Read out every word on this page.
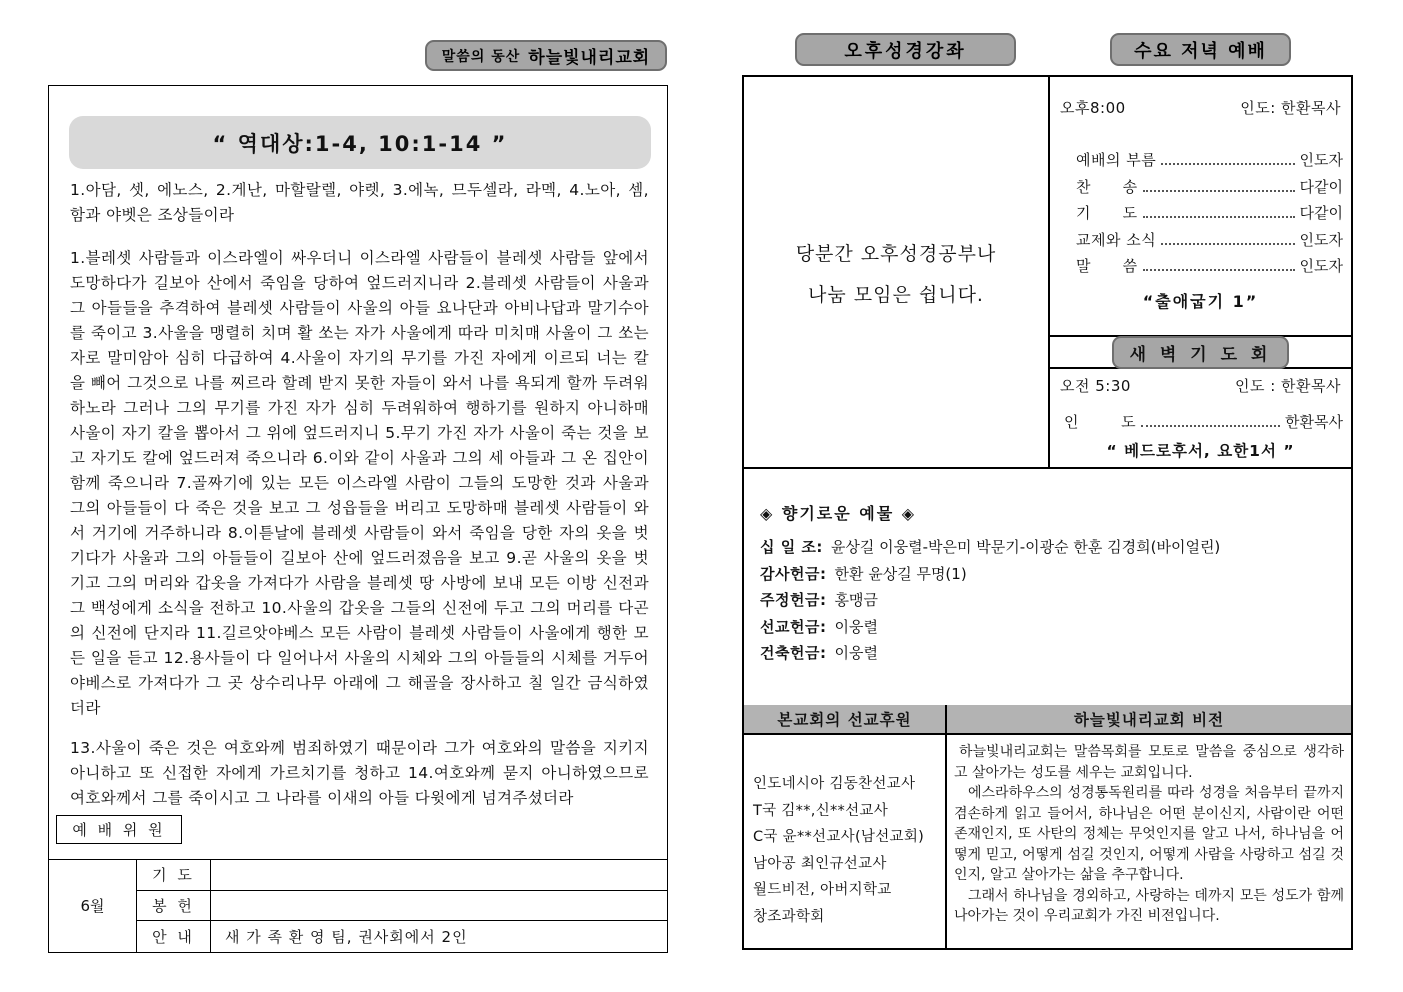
말씀의 동산 하늘빛내리교회	오후성경강좌	수요 저녁 예배
“ 역대상:1-4, 10:1-14 ”
1.아담, 셋, 에노스, 2.게난, 마할랄렐, 야렛, 3.에녹, 므두셀라, 라멕, 4.노아, 셈, 함과 야벳은 조상들이라
1.블레셋 사람들과 이스라엘이 싸우더니 이스라엘 사람들이 블레셋 사람들 앞에서 도망하다가 길보아 산에서 죽임을 당하여 엎드러지니라 2.블레셋 사람들이 사울과 그 아들들을 추격하여 블레셋 사람들이 사울의 아들 요나단과 아비나답과 말기수아를 죽이고 3.사울을 맹렬히 치며 활 쏘는 자가 사울에게 따라 미치매 사울이 그 쏘는 자로 말미암아 심히 다급하여 4.사울이 자기의 무기를 가진 자에게 이르되 너는 칼을 빼어 그것으로 나를 찌르라 할례 받지 못한 자들이 와서 나를 욕되게 할까 두려워하노라 그러나 그의 무기를 가진 자가 심히 두려워하여 행하기를 원하지 아니하매 사울이 자기 칼을 뽑아서 그 위에 엎드러지니 5.무기 가진 자가 사울이 죽는 것을 보고 자기도 칼에 엎드러져 죽으니라 6.이와 같이 사울과 그의 세 아들과 그 온 집안이 함께 죽으니라 7.골짜기에 있는 모든 이스라엘 사람이 그들의 도망한 것과 사울과 그의 아들들이 다 죽은 것을 보고 그 성읍들을 버리고 도망하매 블레셋 사람들이 와서 거기에 거주하니라 8.이튿날에 블레셋 사람들이 와서 죽임을 당한 자의 옷을 벗기다가 사울과 그의 아들들이 길보아 산에 엎드러졌음을 보고 9.곧 사울의 옷을 벗기고 그의 머리와 갑옷을 가져다가 사람을 블레셋 땅 사방에 보내 모든 이방 신전과 그 백성에게 소식을 전하고 10.사울의 갑옷을 그들의 신전에 두고 그의 머리를 다곤의 신전에 단지라 11.길르앗야베스 모든 사람이 블레셋 사람들이 사울에게 행한 모든 일을 듣고 12.용사들이 다 일어나서 사울의 시체와 그의 아들들의 시체를 거두어 야베스로 가져다가 그 곳 상수리나무 아래에 그 해골을 장사하고 칠 일간 금식하였더라
13.사울이 죽은 것은 여호와께 범죄하였기 때문이라 그가 여호와의 말씀을 지키지 아니하고 또 신접한 자에게 가르치기를 청하고 14.여호와께 묻지 아니하였으므로 여호와께서 그를 죽이시고 그 나라를 이새의 아들 다윗에게 넘겨주셨더라
예 배 위 원
6월
기 도
봉 헌
안 내	새 가 족 환 영 팀, 권사회에서 2인
당분간 오후성경공부나
나눔 모임은 쉽니다.
오후8:00	인도: 한환목사
예배의 부름	인도자
찬      송	다같이
기      도	다같이
교제와 소식	인도자
말      씀	인도자
“출애굽기 1”
새 벽 기 도 회
오전 5:30	인도 : 한환목사
인        도	한환목사
“ 베드로후서, 요한1서 ”
◈ 향기로운 예물 ◈
십 일 조: 윤상길 이웅렬-박은미 박문기-이광순 한훈 김경희(바이얼린)
감사헌금: 한환 윤상길 무명(1)
주정헌금: 홍맹금
선교헌금: 이웅렬
건축헌금: 이웅렬
본교회의 선교후원	하늘빛내리교회 비전
인도네시아 김동찬선교사
T국 김**,신**선교사
C국 윤**선교사(남선교회)
남아공 최인규선교사
월드비전, 아버지학교
창조과학회
하늘빛내리교회는 말씀목회를 모토로 말씀을 중심으로 생각하고 살아가는 성도를 세우는 교회입니다.
에스라하우스의 성경통독원리를 따라 성경을 처음부터 끝까지 겸손하게 읽고 들어서, 하나님은 어떤 분이신지, 사람이란 어떤 존재인지, 또 사탄의 정체는 무엇인지를 알고 나서, 하나님을 어떻게 믿고, 어떻게 섬길 것인지, 어떻게 사람을 사랑하고 섬길 것인지, 알고 살아가는 삶을 추구합니다.
그래서 하나님을 경외하고, 사랑하는 데까지 모든 성도가 함께 나아가는 것이 우리교회가 가진 비전입니다.
